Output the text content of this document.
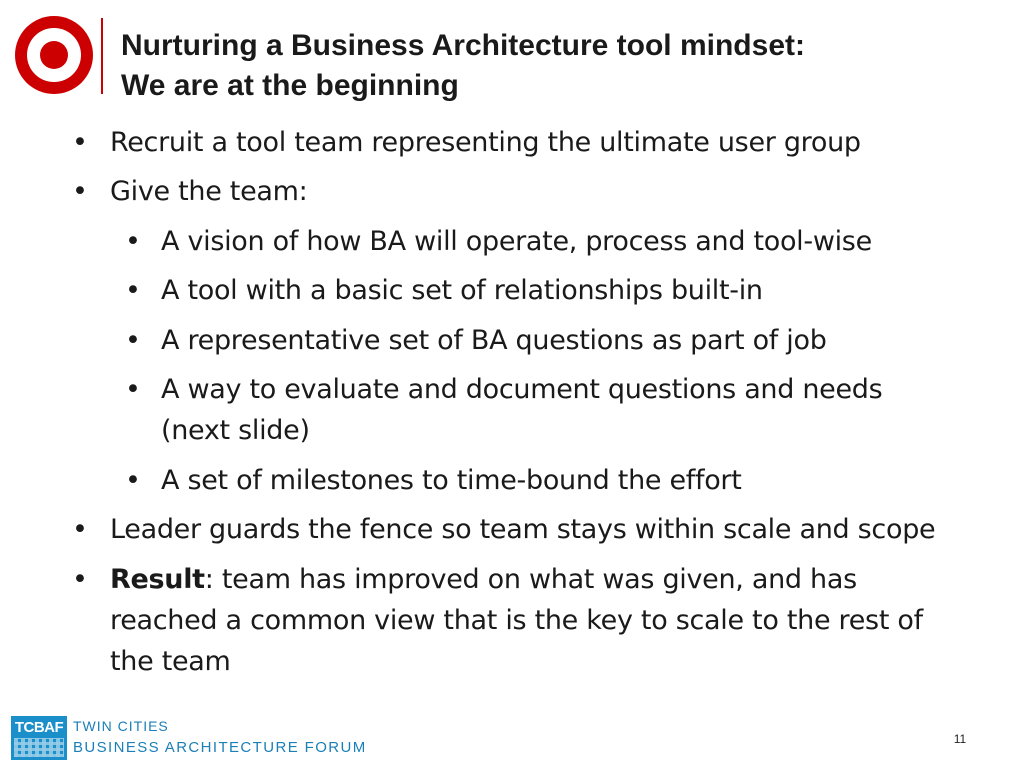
Nurturing a Business Architecture tool mindset:
We are at the beginning
• Recruit a tool team representing the ultimate user group
• Give the team:
• A vision of how BA will operate, process and tool-wise
• A tool with a basic set of relationships built-in
• A representative set of BA questions as part of job
• A way to evaluate and document questions and needs
(next slide)
• A set of milestones to time-bound the effort
• Leader guards the fence so team stays within scale and scope
• Result: team has improved on what was given, and has
reached a common view that is the key to scale to the rest of
the team
TCBAF TWIN CITIES
BUSINESS ARCHITECTURE FORUM	11
